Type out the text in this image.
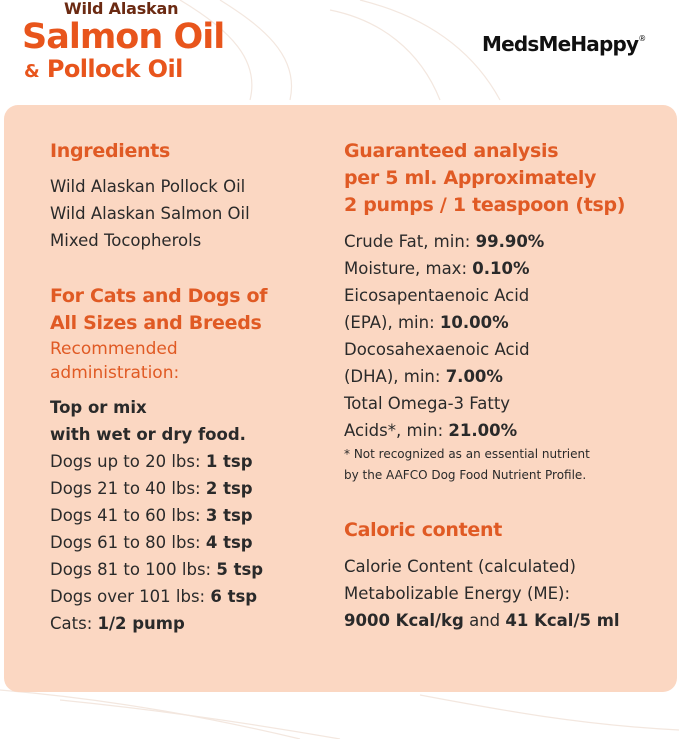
Wild Alaskan
Salmon Oil
& Pollock Oil
MedsMeHappy®
Ingredients
Wild Alaskan Pollock Oil
Wild Alaskan Salmon Oil
Mixed Tocopherols
For Cats and Dogs of
All Sizes and Breeds
Recommended
administration:
Top or mix
with wet or dry food.
Dogs up to 20 lbs: 1 tsp
Dogs 21 to 40 lbs: 2 tsp
Dogs 41 to 60 lbs: 3 tsp
Dogs 61 to 80 lbs: 4 tsp
Dogs 81 to 100 lbs: 5 tsp
Dogs over 101 lbs: 6 tsp
Cats: 1/2 pump
Guaranteed analysis
per 5 ml. Approximately
2 pumps / 1 teaspoon (tsp)
Crude Fat, min: 99.90%
Moisture, max: 0.10%
Eicosapentaenoic Acid
(EPA), min: 10.00%
Docosahexaenoic Acid
(DHA), min: 7.00%
Total Omega-3 Fatty
Acids*, min: 21.00%
* Not recognized as an essential nutrient
by the AAFCO Dog Food Nutrient Profile.
Caloric content
Calorie Content (calculated)
Metabolizable Energy (ME):
9000 Kcal/kg and 41 Kcal/5 ml
